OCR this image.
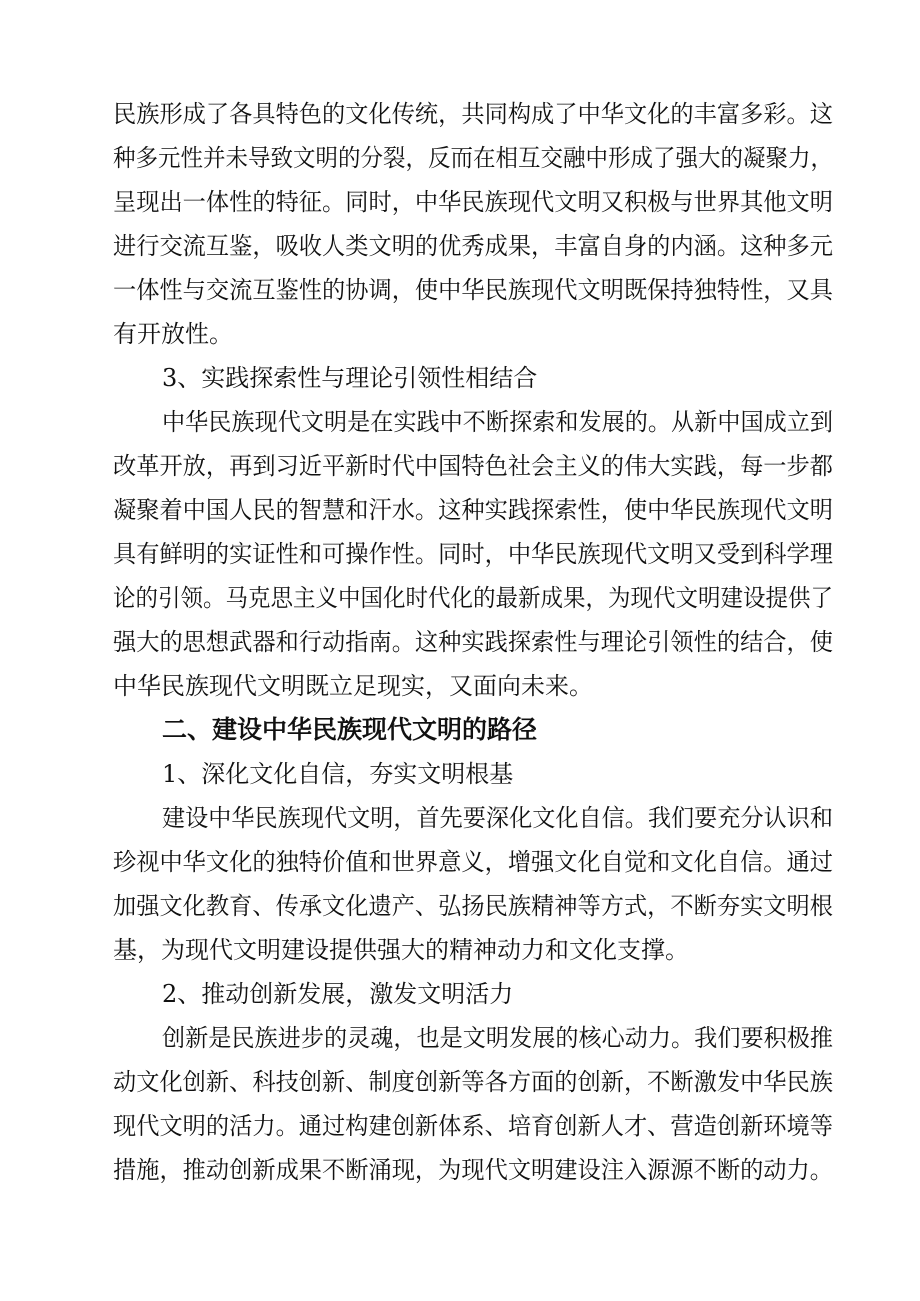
民族形成了各具特色的文化传统，共同构成了中华文化的丰富多彩。这
种多元性并未导致文明的分裂，反而在相互交融中形成了强大的凝聚力，
呈现出一体性的特征。同时，中华民族现代文明又积极与世界其他文明
进行交流互鉴，吸收人类文明的优秀成果，丰富自身的内涵。这种多元
一体性与交流互鉴性的协调，使中华民族现代文明既保持独特性，又具
有开放性。
3、实践探索性与理论引领性相结合
中华民族现代文明是在实践中不断探索和发展的。从新中国成立到
改革开放，再到习近平新时代中国特色社会主义的伟大实践，每一步都
凝聚着中国人民的智慧和汗水。这种实践探索性，使中华民族现代文明
具有鲜明的实证性和可操作性。同时，中华民族现代文明又受到科学理
论的引领。马克思主义中国化时代化的最新成果，为现代文明建设提供了
强大的思想武器和行动指南。这种实践探索性与理论引领性的结合，使
中华民族现代文明既立足现实，又面向未来。
二、建设中华民族现代文明的路径
1、深化文化自信，夯实文明根基
建设中华民族现代文明，首先要深化文化自信。我们要充分认识和
珍视中华文化的独特价值和世界意义，增强文化自觉和文化自信。通过
加强文化教育、传承文化遗产、弘扬民族精神等方式，不断夯实文明根
基，为现代文明建设提供强大的精神动力和文化支撑。
2、推动创新发展，激发文明活力
创新是民族进步的灵魂，也是文明发展的核心动力。我们要积极推
动文化创新、科技创新、制度创新等各方面的创新，不断激发中华民族
现代文明的活力。通过构建创新体系、培育创新人才、营造创新环境等
措施，推动创新成果不断涌现，为现代文明建设注入源源不断的动力。
